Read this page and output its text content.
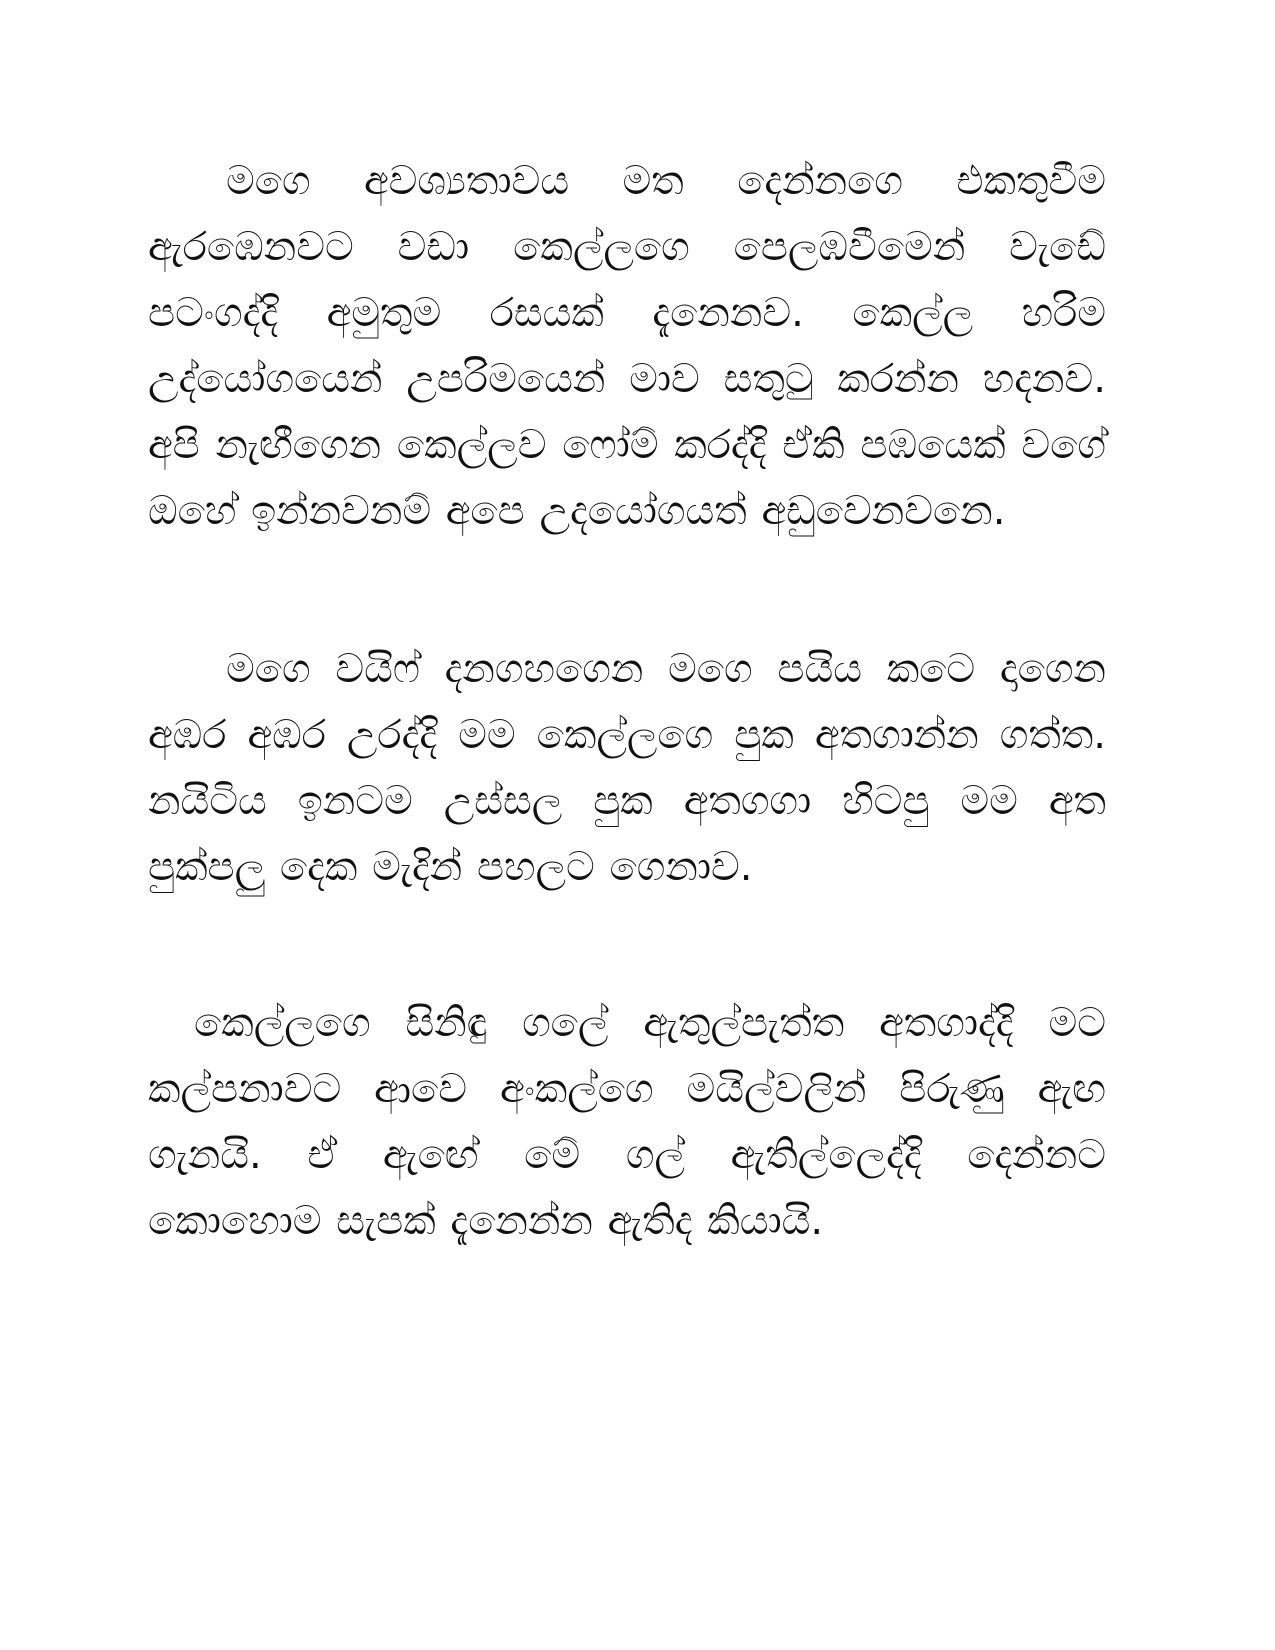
මගෙ අවශ්‍යතාවය මත දෙන්නගෙ එකතුවීම ඇරඹෙනවට වඩා කෙල්ලගෙ පෙලඹවීමෙන් වැඩේ පටංගද්දි අමුතුම රසයක් දැනෙනව. කෙල්ල හරිම උද්යෝගයෙන් උපරිමයෙන් මාව සතුටු කරන්න හදනව. අපි නැඟීගෙන කෙල්ලව ෆෝම් කරද්දි ඒකි පඹයෙක් වගේ ඔහේ ඉන්නවනම් අපෙ උදයෝගයත් අඩුවෙනවනෙ.

මගෙ වයිෆ් දනගහගෙන මගෙ පයිය කටෙ දාගෙන අඹර අඹර උරද්දි මම කෙල්ලගෙ පුක අතගාන්න ගත්ත. නයිටිය ඉනටම උස්සල පුක අතගගා හිටපු මම අත පුක්පලු දෙක මැදින් පහලට ගෙනාව.

කෙල්ලගෙ සිනිඳු ගලේ ඇතුල්පැත්ත අතගාද්දි මට කල්පනාවට ආවෙ අංකල්ගෙ මයිල්වලින් පිරුණු ඇඟ ගැනයි. ඒ ඇඟේ මේ ගල් ඇතිල්ලෙද්දි දෙන්නට කොහොම සැපක් දැනෙන්න ඇතිද කියායි.
